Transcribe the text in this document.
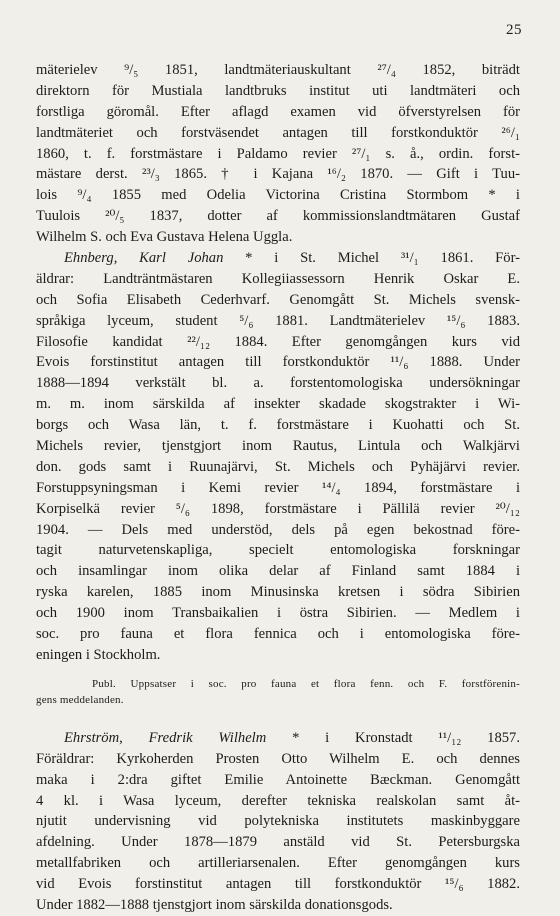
25
mäterielev ⁹/₅ 1851, landtmäteriauskultant ²⁷/₄ 1852, biträdt
direktorn för Mustiala landtbruks institut uti landtmäteri och
forstliga göromål. Efter aflagd examen vid öfverstyrelsen för
landtmäteriet och forstväsendet antagen till forstkonduktör ²⁶/₁
1860, t. f. forstmästare i Paldamo revier ²⁷/₁ s. å., ordin. forst-
mästare derst. ²³/₃ 1865. † i Kajana ¹⁶/₂ 1870. — Gift i Tuu-
lois ⁹/₄ 1855 med Odelia Victorina Cristina Stormbom * i
Tuulois ²⁰/₅ 1837, dotter af kommissionslandtmätaren Gustaf
Wilhelm S. och Eva Gustava Helena Uggla.
Ehnberg, Karl Johan * i St. Michel ³¹/₁ 1861. För-
äldrar: Landträntmästaren Kollegiiassessorn Henrik Oskar E.
och Sofia Elisabeth Cederhvarf. Genomgått St. Michels svensk-
språkiga lyceum, student ⁵/₆ 1881. Landtmäterielev ¹⁵/₆ 1883.
Filosofie kandidat ²²/₁₂ 1884. Efter genomgången kurs vid
Evois forstinstitut antagen till forstkonduktör ¹¹/₆ 1888. Under
1888—1894 verkstält bl. a. forstentomologiska undersökningar
m. m. inom särskilda af insekter skadade skogstrakter i Wi-
borgs och Wasa län, t. f. forstmästare i Kuohatti och St.
Michels revier, tjenstgjort inom Rautus, Lintula och Walkjärvi
don. gods samt i Ruunajärvi, St. Michels och Pyhäjärvi revier.
Forstuppsyningsman i Kemi revier ¹⁴/₄ 1894, forstmästare i
Korpiselkä revier ⁵/₆ 1898, forstmästare i Pällilä revier ²⁰/₁₂
1904. — Dels med understöd, dels på egen bekostnad före-
tagit naturvetenskapliga, specielt entomologiska forskningar
och insamlingar inom olika delar af Finland samt 1884 i
ryska karelen, 1885 inom Minusinska kretsen i södra Sibirien
och 1900 inom Transbaikalien i östra Sibirien. — Medlem i
soc. pro fauna et flora fennica och i entomologiska före-
eningen i Stockholm.
Publ. Uppsatser i soc. pro fauna et flora fenn. och F. forstförenin-
gens meddelanden.
Ehrström, Fredrik Wilhelm * i Kronstadt ¹¹/₁₂ 1857.
Föräldrar: Kyrkoherden Prosten Otto Wilhelm E. och dennes
maka i 2:dra giftet Emilie Antoinette Bæckman. Genomgått
4 kl. i Wasa lyceum, derefter tekniska realskolan samt åt-
njutit undervisning vid polytekniska institutets maskinbyggare
afdelning. Under 1878—1879 anstäld vid St. Petersburgska
metallfabriken och artilleriarsenalen. Efter genomgången kurs
vid Evois forstinstitut antagen till forstkonduktör ¹⁵/₆ 1882.
Under 1882—1888 tjenstgjort inom särskilda donationsgods.
